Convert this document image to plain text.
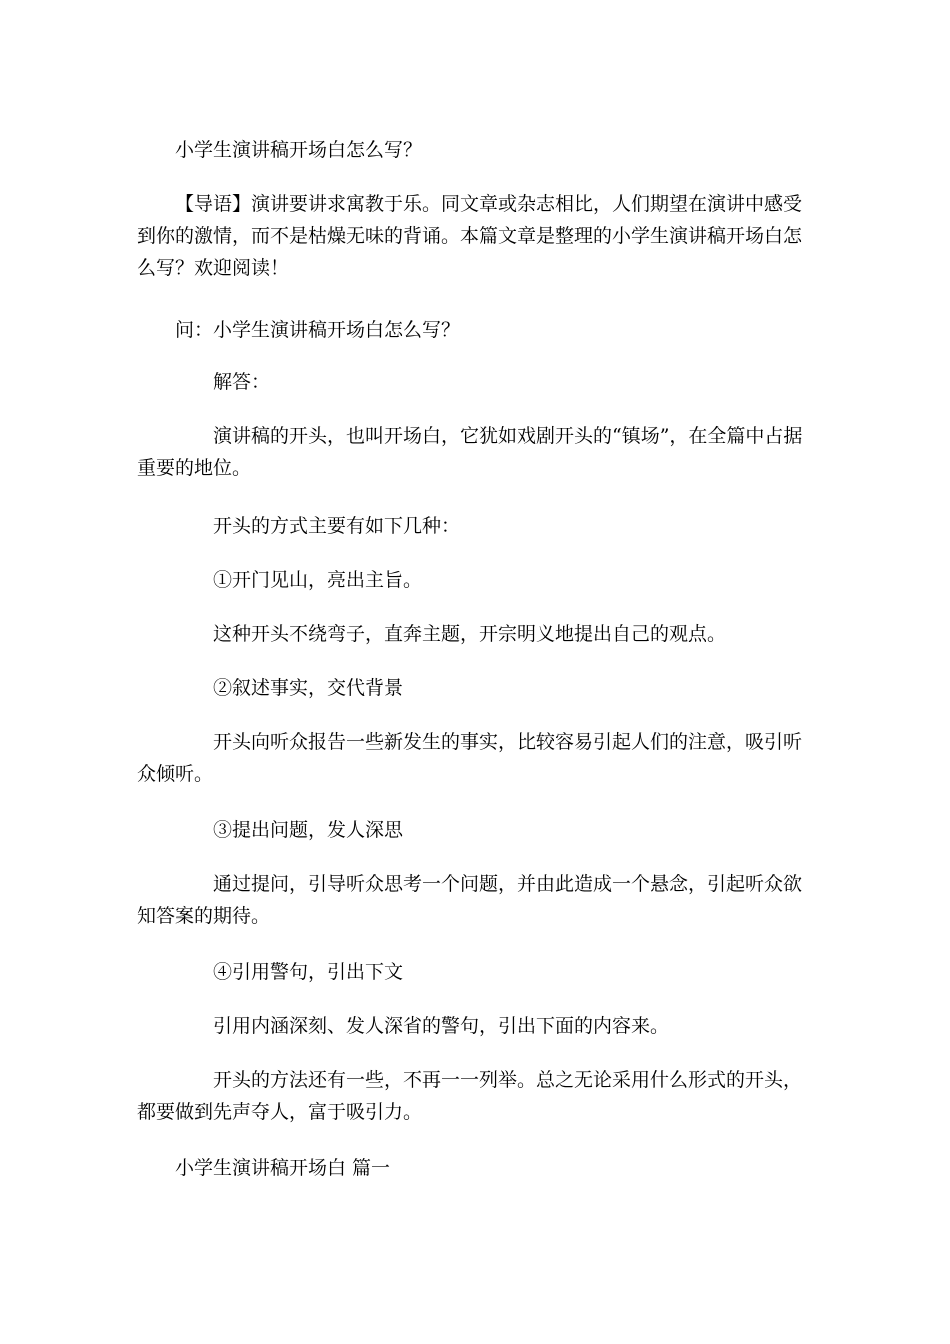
小学生演讲稿开场白怎么写？

【导语】演讲要讲求寓教于乐。同文章或杂志相比，人们期望在演讲中感受到你的激情，而不是枯燥无味的背诵。本篇文章是整理的小学生演讲稿开场白怎么写？欢迎阅读！

问：小学生演讲稿开场白怎么写？

解答：

演讲稿的开头，也叫开场白，它犹如戏剧开头的“镇场”，在全篇中占据重要的地位。

开头的方式主要有如下几种：

①开门见山，亮出主旨。

这种开头不绕弯子，直奔主题，开宗明义地提出自己的观点。

②叙述事实，交代背景

开头向听众报告一些新发生的事实，比较容易引起人们的注意，吸引听众倾听。

③提出问题，发人深思

通过提问，引导听众思考一个问题，并由此造成一个悬念，引起听众欲知答案的期待。

④引用警句，引出下文

引用内涵深刻、发人深省的警句，引出下面的内容来。

开头的方法还有一些，不再一一列举。总之无论采用什么形式的开头，都要做到先声夺人，富于吸引力。

小学生演讲稿开场白 篇一
